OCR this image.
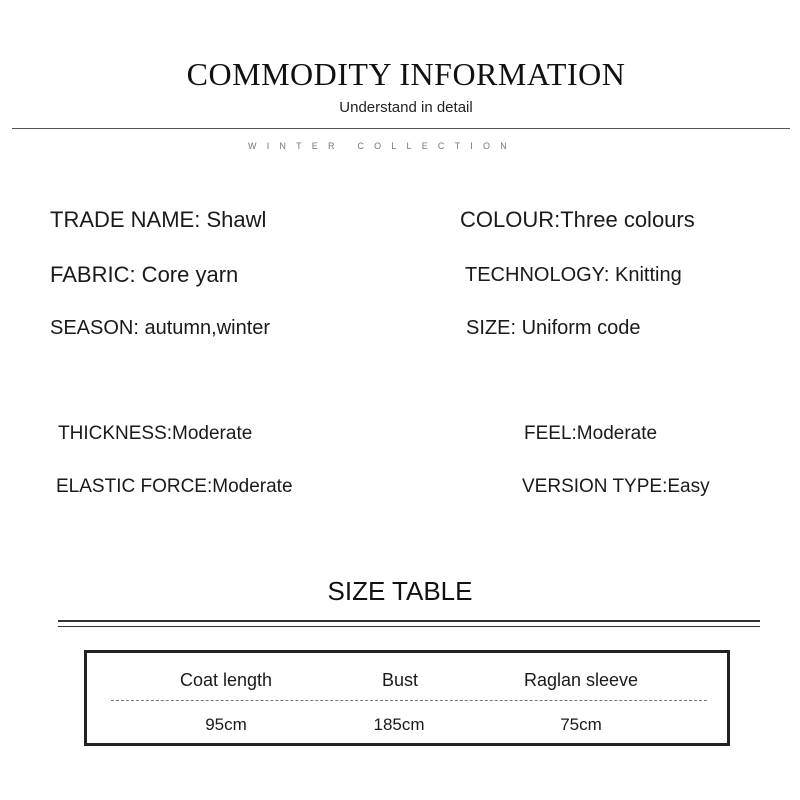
COMMODITY INFORMATION
Understand in detail
WINTER COLLECTION
TRADE NAME: Shawl	COLOUR:Three colours
FABRIC: Core yarn	TECHNOLOGY: Knitting
SEASON: autumn,winter	SIZE: Uniform code
THICKNESS:Moderate	FEEL:Moderate
ELASTIC FORCE:Moderate	VERSION TYPE:Easy
SIZE TABLE
Coat length	Bust	Raglan sleeve
95cm	185cm	75cm
